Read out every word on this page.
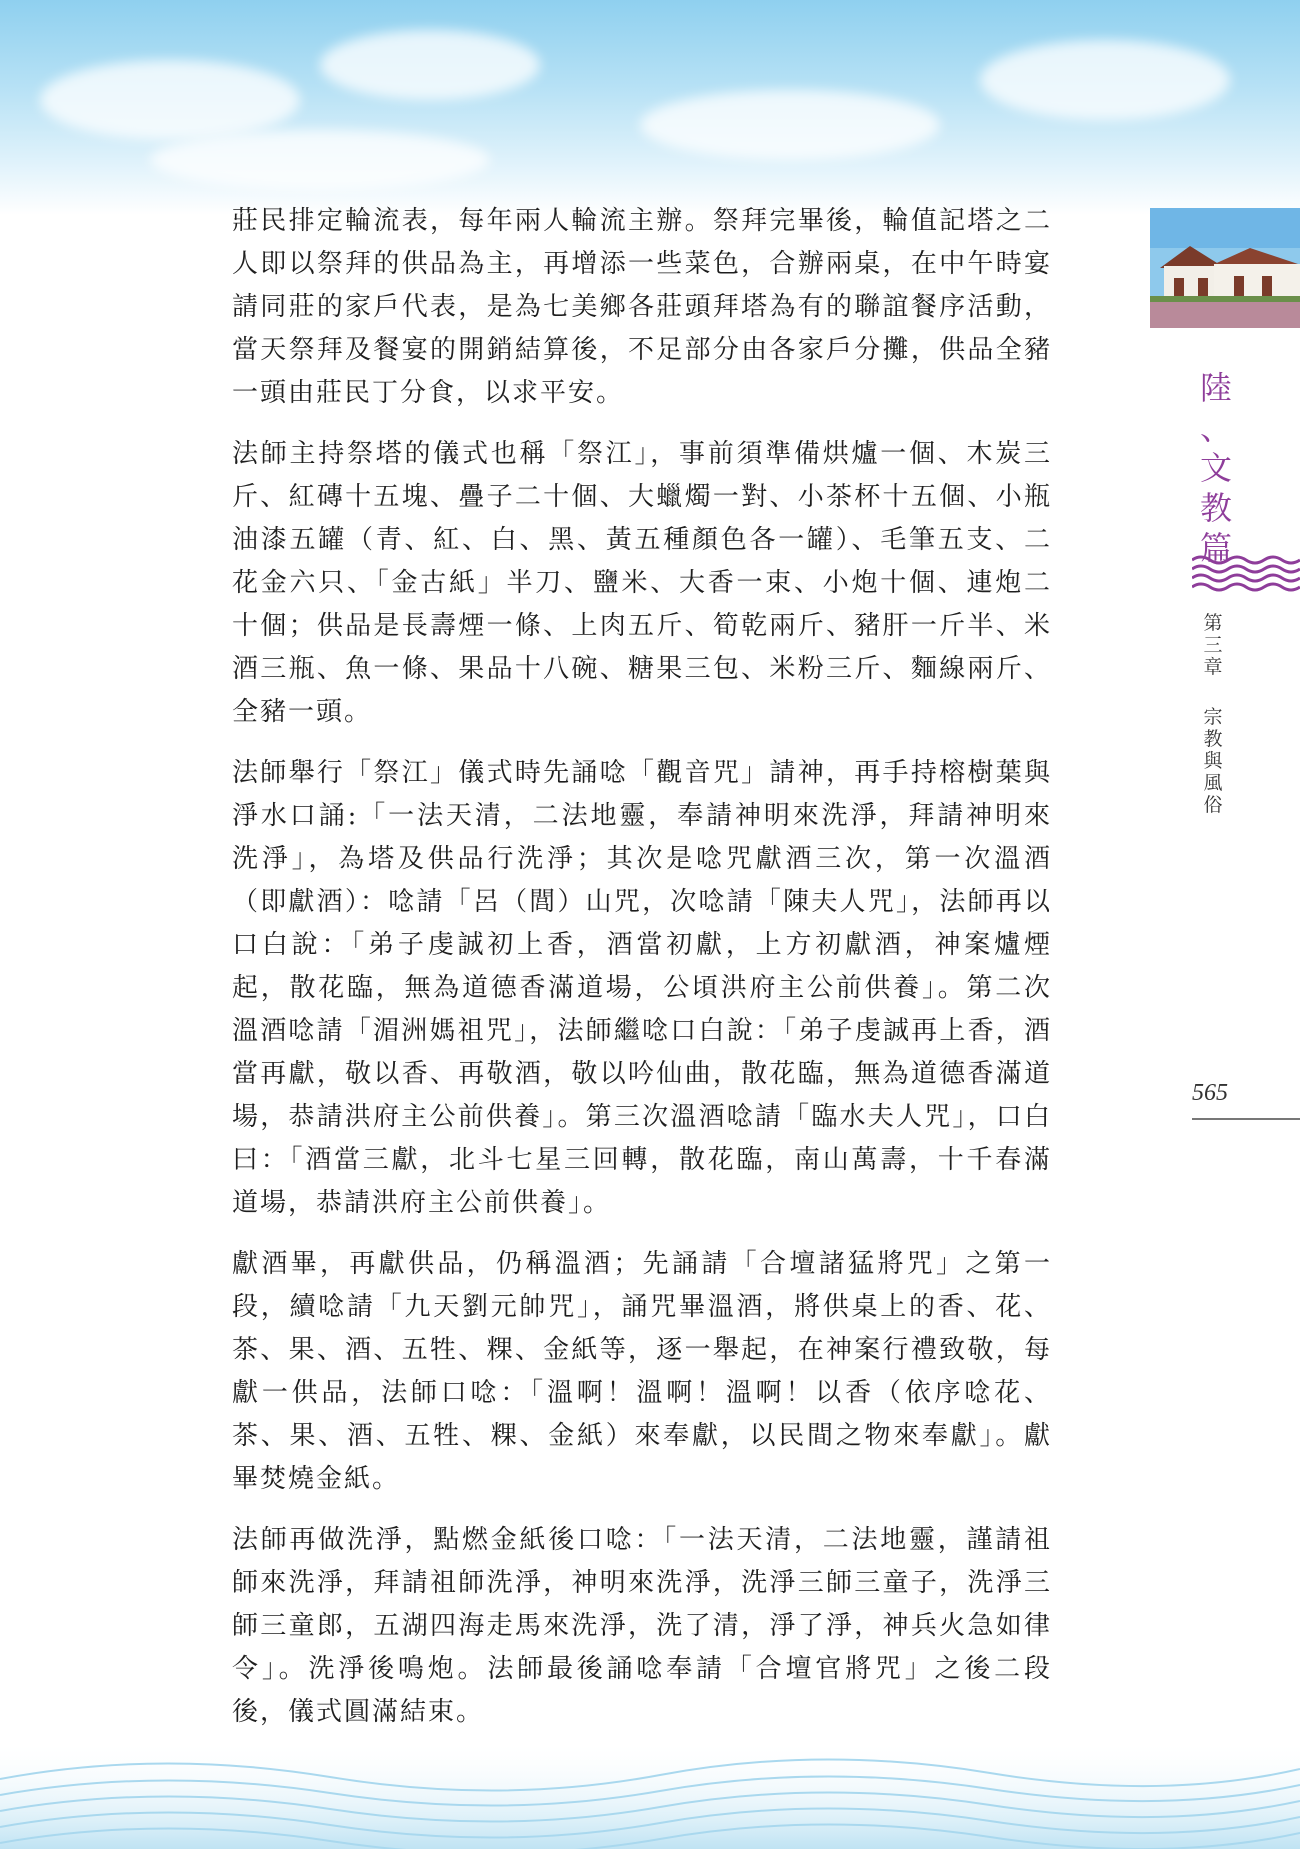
莊民排定輪流表，每年兩人輪流主辦。祭拜完畢後，輪值記塔之二人即以祭拜的供品為主，再增添一些菜色，合辦兩桌，在中午時宴請同莊的家戶代表，是為七美鄉各莊頭拜塔為有的聯誼餐序活動，當天祭拜及餐宴的開銷結算後，不足部分由各家戶分攤，供品全豬一頭由莊民丁分食，以求平安。

法師主持祭塔的儀式也稱「祭江」，事前須準備烘爐一個、木炭三斤、紅磚十五塊、疊子二十個、大蠟燭一對、小茶杯十五個、小瓶油漆五罐（青、紅、白、黑、黃五種顏色各一罐）、毛筆五支、二花金六只、「金古紙」半刀、鹽米、大香一束、小炮十個、連炮二十個；供品是長壽煙一條、上肉五斤、筍乾兩斤、豬肝一斤半、米酒三瓶、魚一條、果品十八碗、糖果三包、米粉三斤、麵線兩斤、全豬一頭。

法師舉行「祭江」儀式時先誦唸「觀音咒」請神，再手持榕樹葉與淨水口誦:「一法天清，二法地靈，奉請神明來洗淨，拜請神明來洗淨」，為塔及供品行洗淨；其次是唸咒獻酒三次，第一次溫酒（即獻酒）：唸請「呂（閭）山咒，次唸請「陳夫人咒」，法師再以口白說：「弟子虔誠初上香，酒當初獻，上方初獻酒，神案爐煙起，散花臨，無為道德香滿道場，公頃洪府主公前供養」。第二次溫酒唸請「湄洲媽祖咒」，法師繼唸口白說：「弟子虔誠再上香，酒當再獻，敬以香、再敬酒，敬以吟仙曲，散花臨，無為道德香滿道場，恭請洪府主公前供養」。第三次溫酒唸請「臨水夫人咒」，口白曰：「酒當三獻，北斗七星三回轉，散花臨，南山萬壽，十千春滿道場，恭請洪府主公前供養」。

獻酒畢，再獻供品，仍稱溫酒；先誦請「合壇諸猛將咒」之第一段，續唸請「九天劉元帥咒」，誦咒畢溫酒，將供桌上的香、花、茶、果、酒、五牲、粿、金紙等，逐一舉起，在神案行禮致敬，每獻一供品，法師口唸：「溫啊！溫啊！溫啊！以香（依序唸花、茶、果、酒、五牲、粿、金紙）來奉獻，以民間之物來奉獻」。獻畢焚燒金紙。

法師再做洗淨，點燃金紙後口唸：「一法天清，二法地靈，謹請祖師來洗淨，拜請祖師洗淨，神明來洗淨，洗淨三師三童子，洗淨三師三童郎，五湖四海走馬來洗淨，洗了清，淨了淨，神兵火急如律令」。洗淨後鳴炮。法師最後誦唸奉請「合壇官將咒」之後二段後，儀式圓滿結束。

陸
、
文
教
篇
第
三
章
宗
教
與
風
俗
565
